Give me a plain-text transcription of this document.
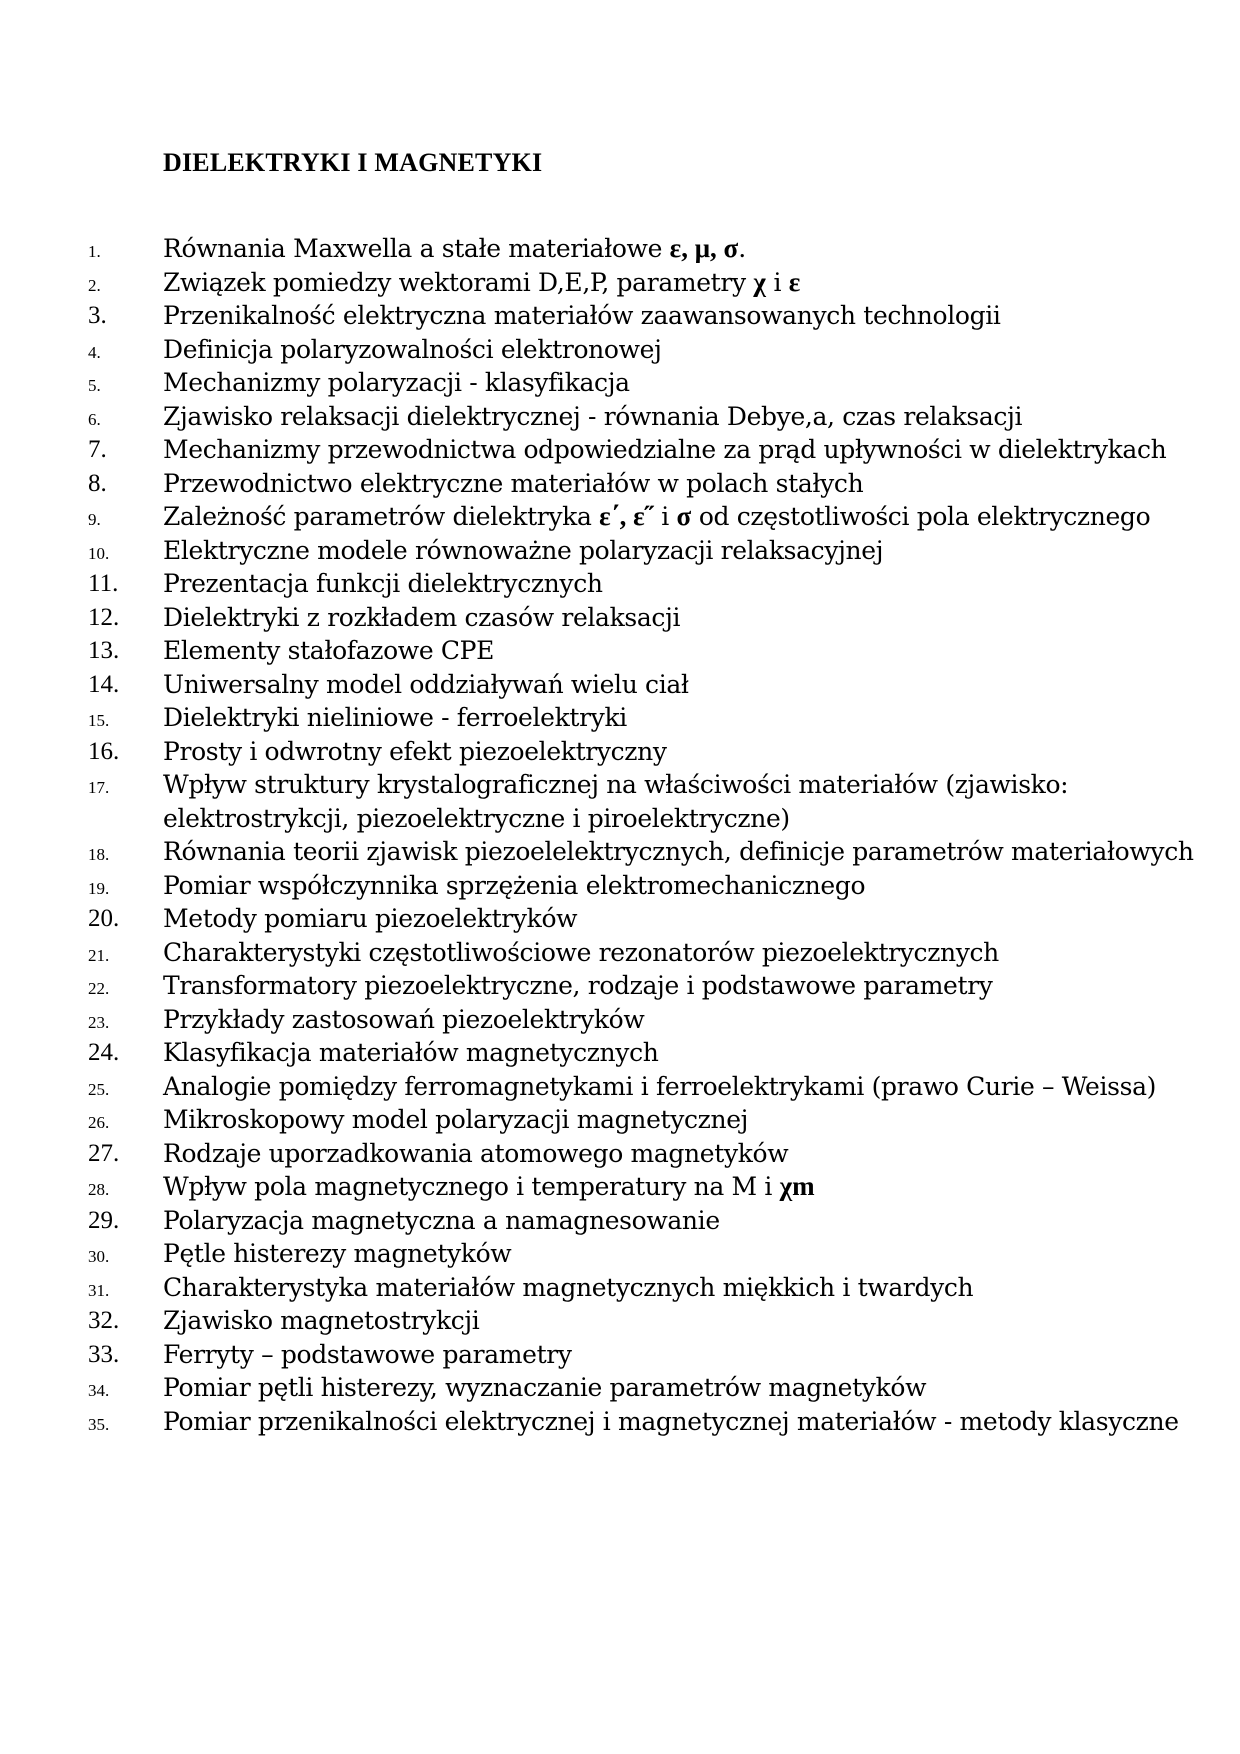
DIELEKTRYKI I MAGNETYKI
1. Równania Maxwella a stałe materiałowe ε, μ, σ.
2. Związek pomiedzy wektorami D,E,P, parametry χ i ε
3. Przenikalność elektryczna materiałów zaawansowanych technologii
4. Definicja polaryzowalności elektronowej
5. Mechanizmy polaryzacji - klasyfikacja
6. Zjawisko relaksacji dielektrycznej - równania Debye,a, czas relaksacji
7. Mechanizmy przewodnictwa odpowiedzialne za prąd upływności w dielektrykach
8. Przewodnictwo elektryczne materiałów w polach stałych
9. Zależność parametrów dielektryka ε΄, ε˝ i σ od częstotliwości pola elektrycznego
10. Elektryczne modele równoważne polaryzacji relaksacyjnej
11. Prezentacja funkcji dielektrycznych
12. Dielektryki z rozkładem czasów relaksacji
13. Elementy stałofazowe CPE
14. Uniwersalny model oddziaływań wielu ciał
15. Dielektryki nieliniowe - ferroelektryki
16. Prosty i odwrotny efekt piezoelektryczny
17. Wpływ struktury krystalograficznej na właściwości materiałów (zjawisko: elektrostrykcji, piezoelektryczne i piroelektryczne)
18. Równania teorii zjawisk piezoelelektrycznych, definicje parametrów materiałowych
19. Pomiar współczynnika sprzężenia elektromechanicznego
20. Metody pomiaru piezoelektryków
21. Charakterystyki częstotliwościowe rezonatorów piezoelektrycznych
22. Transformatory piezoelektryczne, rodzaje i podstawowe parametry
23. Przykłady zastosowań piezoelektryków
24. Klasyfikacja materiałów magnetycznych
25. Analogie pomiędzy ferromagnetykami i ferroelektrykami (prawo Curie – Weissa)
26. Mikroskopowy model polaryzacji magnetycznej
27. Rodzaje uporzadkowania atomowego magnetyków
28. Wpływ pola magnetycznego i temperatury na M i χm
29. Polaryzacja magnetyczna a namagnesowanie
30. Pętle histerezy magnetyków
31. Charakterystyka materiałów magnetycznych miękkich i twardych
32. Zjawisko magnetostrykcji
33. Ferryty – podstawowe parametry
34. Pomiar pętli histerezy, wyznaczanie parametrów magnetyków
35. Pomiar przenikalności elektrycznej i magnetycznej materiałów - metody klasyczne
